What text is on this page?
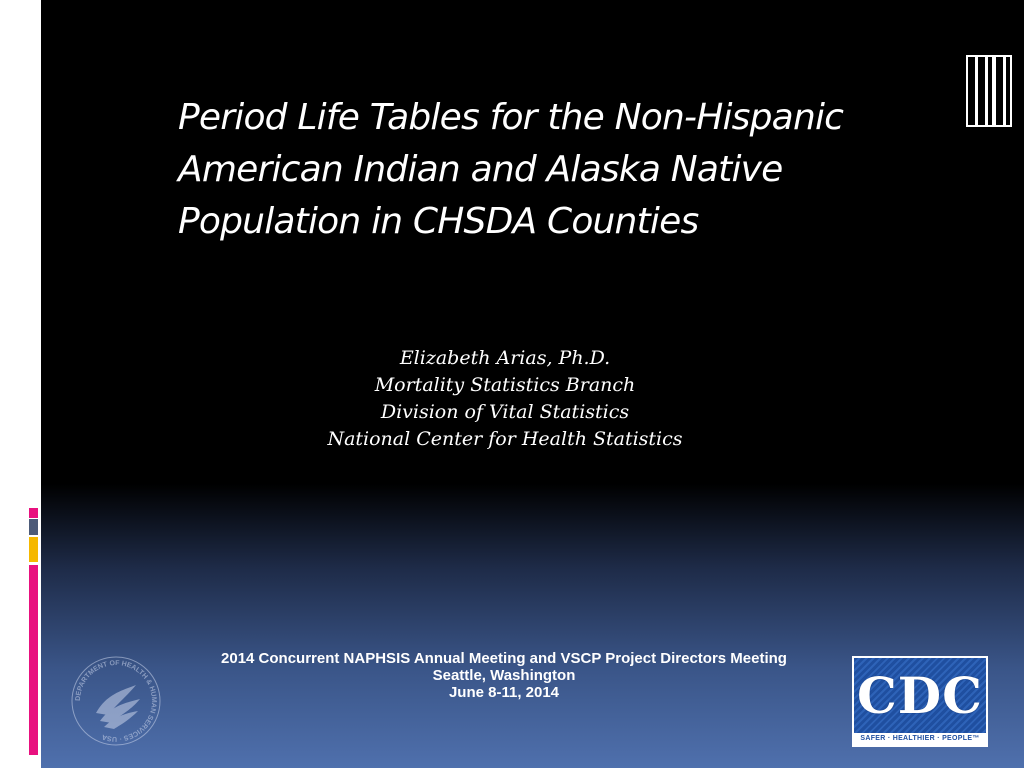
Period Life Tables for the Non-Hispanic American Indian and Alaska Native Population in CHSDA Counties
Elizabeth Arias, Ph.D.
Mortality Statistics Branch
Division of Vital Statistics
National Center for Health Statistics
2014 Concurrent NAPHSIS Annual Meeting and VSCP Project Directors Meeting
Seattle, Washington
June 8-11, 2014
DEPARTMENT OF HEALTH & HUMAN SERVICES · USA
CDC
SAFER · HEALTHIER · PEOPLE™
